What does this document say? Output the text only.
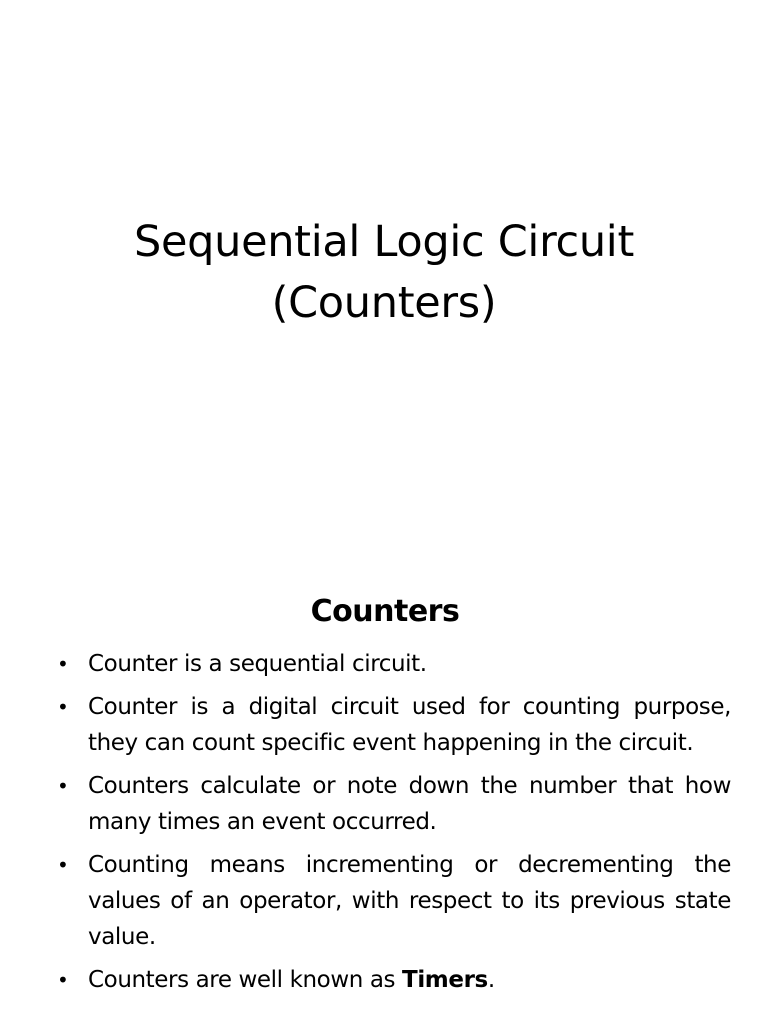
Sequential Logic Circuit
(Counters)
Counters
• Counter is a sequential circuit.
• Counter is a digital circuit used for counting purpose, they can count specific event happening in the circuit.
• Counters calculate or note down the number that how many times an event occurred.
• Counting means incrementing or decrementing the values of an operator, with respect to its previous state value.
• Counters are well known as Timers.
